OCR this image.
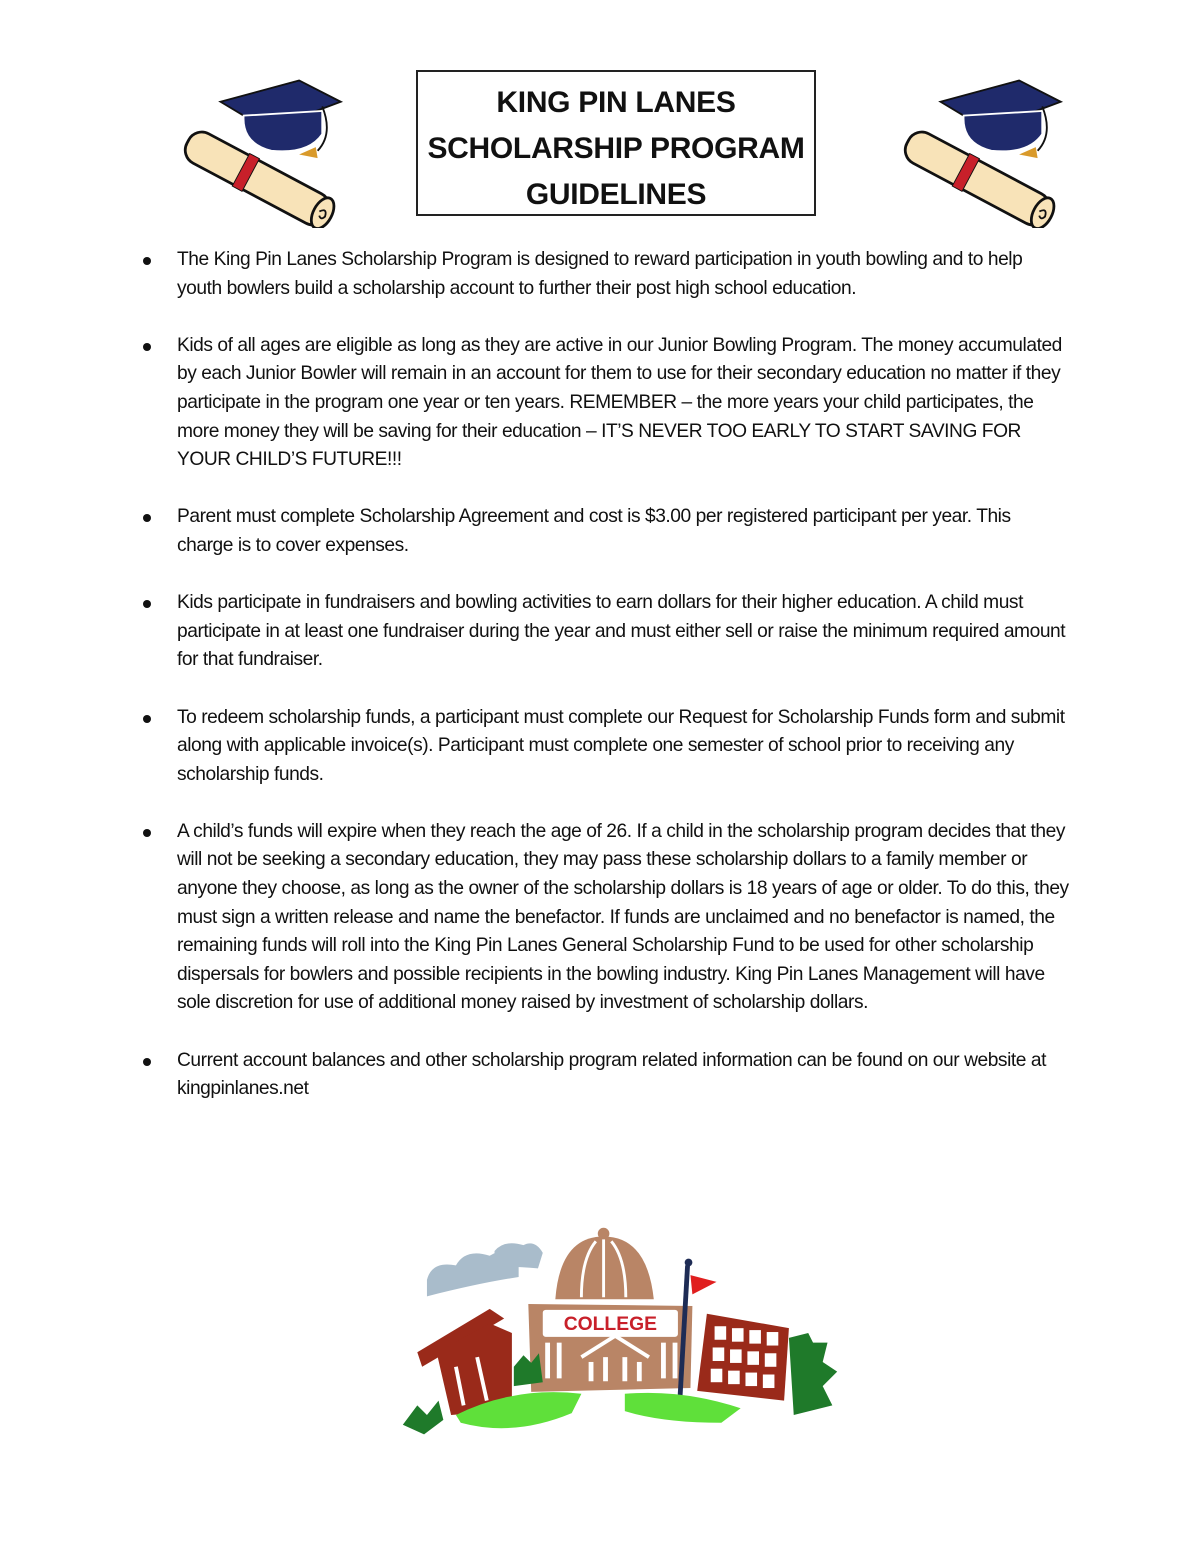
KING PIN LANES
SCHOLARSHIP PROGRAM
GUIDELINES
The King Pin Lanes Scholarship Program is designed to reward participation in youth bowling and to help youth bowlers build a scholarship account to further their post high school education.
Kids of all ages are eligible as long as they are active in our Junior Bowling Program. The money accumulated by each Junior Bowler will remain in an account for them to use for their secondary education no matter if they participate in the program one year or ten years. REMEMBER – the more years your child participates, the more money they will be saving for their education – IT’S NEVER TOO EARLY TO START SAVING FOR YOUR CHILD’S FUTURE!!!
Parent must complete Scholarship Agreement and cost is $3.00 per registered participant per year. This charge is to cover expenses.
Kids participate in fundraisers and bowling activities to earn dollars for their higher education. A child must participate in at least one fundraiser during the year and must either sell or raise the minimum required amount for that fundraiser.
To redeem scholarship funds, a participant must complete our Request for Scholarship Funds form and submit along with applicable invoice(s). Participant must complete one semester of school prior to receiving any scholarship funds.
A child’s funds will expire when they reach the age of 26. If a child in the scholarship program decides that they will not be seeking a secondary education, they may pass these scholarship dollars to a family member or anyone they choose, as long as the owner of the scholarship dollars is 18 years of age or older. To do this, they must sign a written release and name the benefactor. If funds are unclaimed and no benefactor is named, the remaining funds will roll into the King Pin Lanes General Scholarship Fund to be used for other scholarship dispersals for bowlers and possible recipients in the bowling industry. King Pin Lanes Management will have sole discretion for use of additional money raised by investment of scholarship dollars.
Current account balances and other scholarship program related information can be found on our website at kingpinlanes.net
COLLEGE
